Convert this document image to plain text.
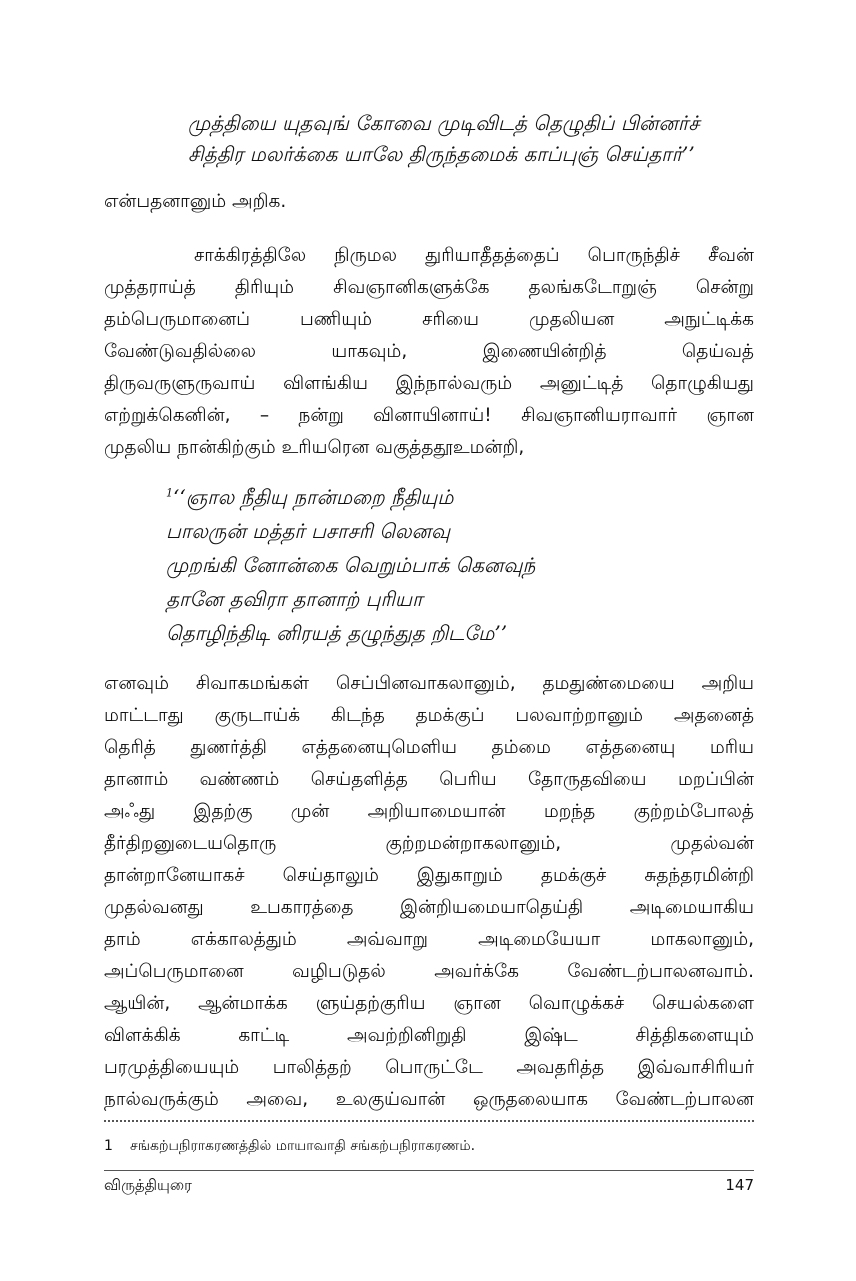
முத்தியை யுதவுங் கோவை முடிவிடத் தெழுதிப் பின்னர்ச்
சித்திர மலர்க்கை யாலே திருந்தமைக் காப்புஞ் செய்தார்’’
என்பதனானும் அறிக.
சாக்கிரத்திலே நிருமல துரியாதீதத்தைப் பொருந்திச் சீவன்
முத்தராய்த் திரியும் சிவஞானிகளுக்கே தலங்கடோறுஞ் சென்று
தம்பெருமானைப்	பணியும்	சரியை	முதலியன	அநுட்டிக்க
வேண்டுவதில்லை	யாகவும்,	இணையின்றித்	தெய்வத்
திருவருளுருவாய் விளங்கிய இந்நால்வரும் அனுட்டித் தொழுகியது
எற்றுக்கெனின், – நன்று வினாயினாய்! சிவஞானியராவார் ஞான
முதலிய நான்கிற்கும் உரியரென வகுத்ததூஉமன்றி,
$^1$‘‘ஞால நீதியு நான்மறை நீதியும்
பாலருன் மத்தர் பசாசரி லெனவு
முறங்கி னோன்கை வெறும்பாக் கெனவுந்
தானே தவிரா தானாற் புரியா
தொழிந்திடி னிரயத் தழுந்துத றிடமே’’
எனவும் சிவாகமங்கள் செப்பினவாகலானும், தமதுண்மையை அறிய
மாட்டாது குருடாய்க் கிடந்த தமக்குப் பலவாற்றானும் அதனைத்
தெரித் துணர்த்தி எத்தனையுமெளிய தம்மை எத்தனையு மரிய
தானாம் வண்ணம் செய்தளித்த பெரிய தோருதவியை மறப்பின்
அஃது இதற்கு முன் அறியாமையான் மறந்த குற்றம்போலத்
தீர்திறனுடையதொரு	குற்றமன்றாகலானும்,	முதல்வன்
தான்றானேயாகச் செய்தாலும் இதுகாறும் தமக்குச் சுதந்தரமின்றி
முதல்வனது	உபகாரத்தை	இன்றியமையாதெய்தி	அடிமையாகிய
தாம்	எக்காலத்தும்	அவ்வாறு	அடிமையேயா	மாகலானும்,
அப்பெருமானை	வழிபடுதல்	அவர்க்கே	வேண்டற்பாலனவாம்.
ஆயின், ஆன்மாக்க ளுய்தற்குரிய ஞான வொழுக்கச் செயல்களை
விளக்கிக்	காட்டி	அவற்றினிறுதி	இஷ்ட	சித்திகளையும்
பரமுத்தியையும் பாலித்தற் பொருட்டே அவதரித்த இவ்வாசிரியர்
நால்வருக்கும் அவை, உலகுய்வான் ஒருதலையாக வேண்டற்பாலன
1 சங்கற்பநிராகரணத்தில் மாயாவாதி சங்கற்பநிராகரணம்.
விருத்தியுரை	147
